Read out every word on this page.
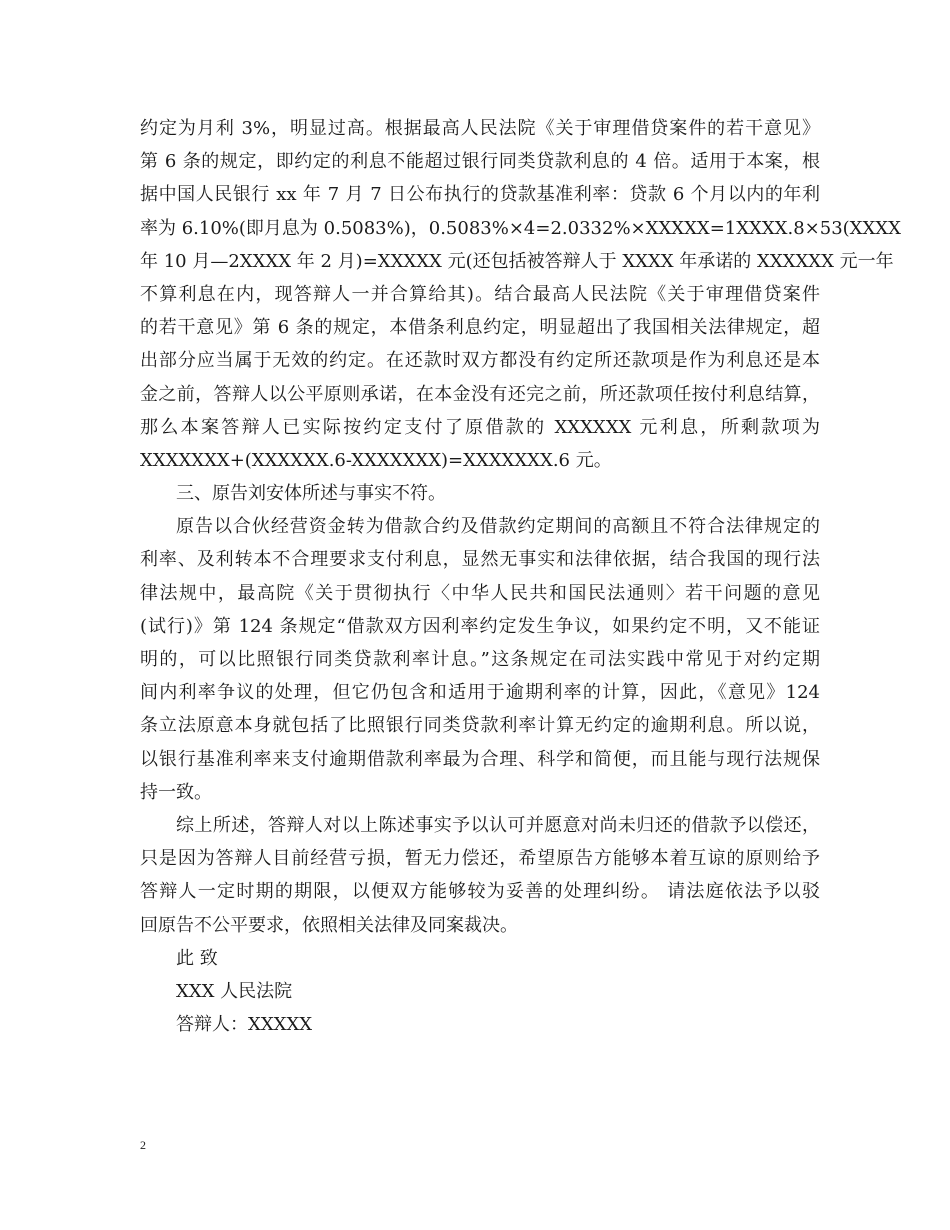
约定为月利 3%，明显过高。根据最高人民法院《关于审理借贷案件的若干意见》
第 6 条的规定，即约定的利息不能超过银行同类贷款利息的 4 倍。适用于本案，根
据中国人民银行 xx 年 7 月 7 日公布执行的贷款基准利率：贷款 6 个月以内的年利
率为 6.10%(即月息为 0.5083%)，0.5083%×4=2.0332%×XXXXX=1XXXX.8×53(XXXX
年 10 月—2XXXX 年 2 月)=XXXXX 元(还包括被答辩人于 XXXX 年承诺的 XXXXXX 元一年
不算利息在内，现答辩人一并合算给其)。结合最高人民法院《关于审理借贷案件
的若干意见》第 6 条的规定，本借条利息约定，明显超出了我国相关法律规定，超
出部分应当属于无效的约定。在还款时双方都没有约定所还款项是作为利息还是本
金之前，答辩人以公平原则承诺，在本金没有还完之前，所还款项任按付利息结算，
那么本案答辩人已实际按约定支付了原借款的 XXXXXX 元利息，所剩款项为
XXXXXXX+(XXXXXX.6-XXXXXXX)=XXXXXXX.6 元。
三、原告刘安体所述与事实不符。
原告以合伙经营资金转为借款合约及借款约定期间的高额且不符合法律规定的
利率、及利转本不合理要求支付利息，显然无事实和法律依据，结合我国的现行法
律法规中，最高院《关于贯彻执行〈中华人民共和国民法通则〉若干问题的意见
(试行)》第 124 条规定“借款双方因利率约定发生争议，如果约定不明，又不能证
明的，可以比照银行同类贷款利率计息。”这条规定在司法实践中常见于对约定期
间内利率争议的处理，但它仍包含和适用于逾期利率的计算，因此，《意见》124
条立法原意本身就包括了比照银行同类贷款利率计算无约定的逾期利息。所以说，
以银行基准利率来支付逾期借款利率最为合理、科学和简便，而且能与现行法规保
持一致。
综上所述，答辩人对以上陈述事实予以认可并愿意对尚未归还的借款予以偿还，
只是因为答辩人目前经营亏损，暂无力偿还，希望原告方能够本着互谅的原则给予
答辩人一定时期的期限，以便双方能够较为妥善的处理纠纷。 请法庭依法予以驳
回原告不公平要求，依照相关法律及同案裁决。
此 致
XXX 人民法院
答辩人：XXXXX
2
